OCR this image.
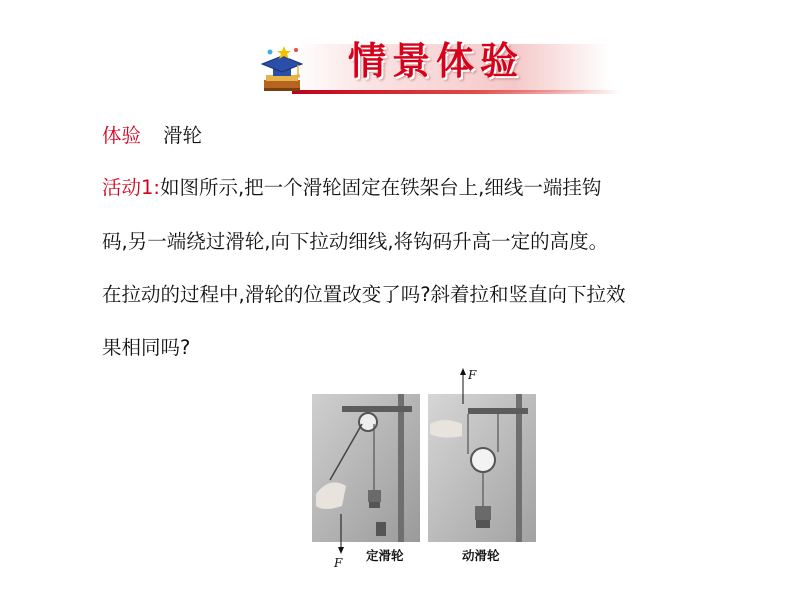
情景体验
体验 滑轮
活动1:如图所示,把一个滑轮固定在铁架台上,细线一端挂钩
码,另一端绕过滑轮,向下拉动细线,将钩码升高一定的高度。
在拉动的过程中,滑轮的位置改变了吗?斜着拉和竖直向下拉效
果相同吗?
F
F 定滑轮	动滑轮
